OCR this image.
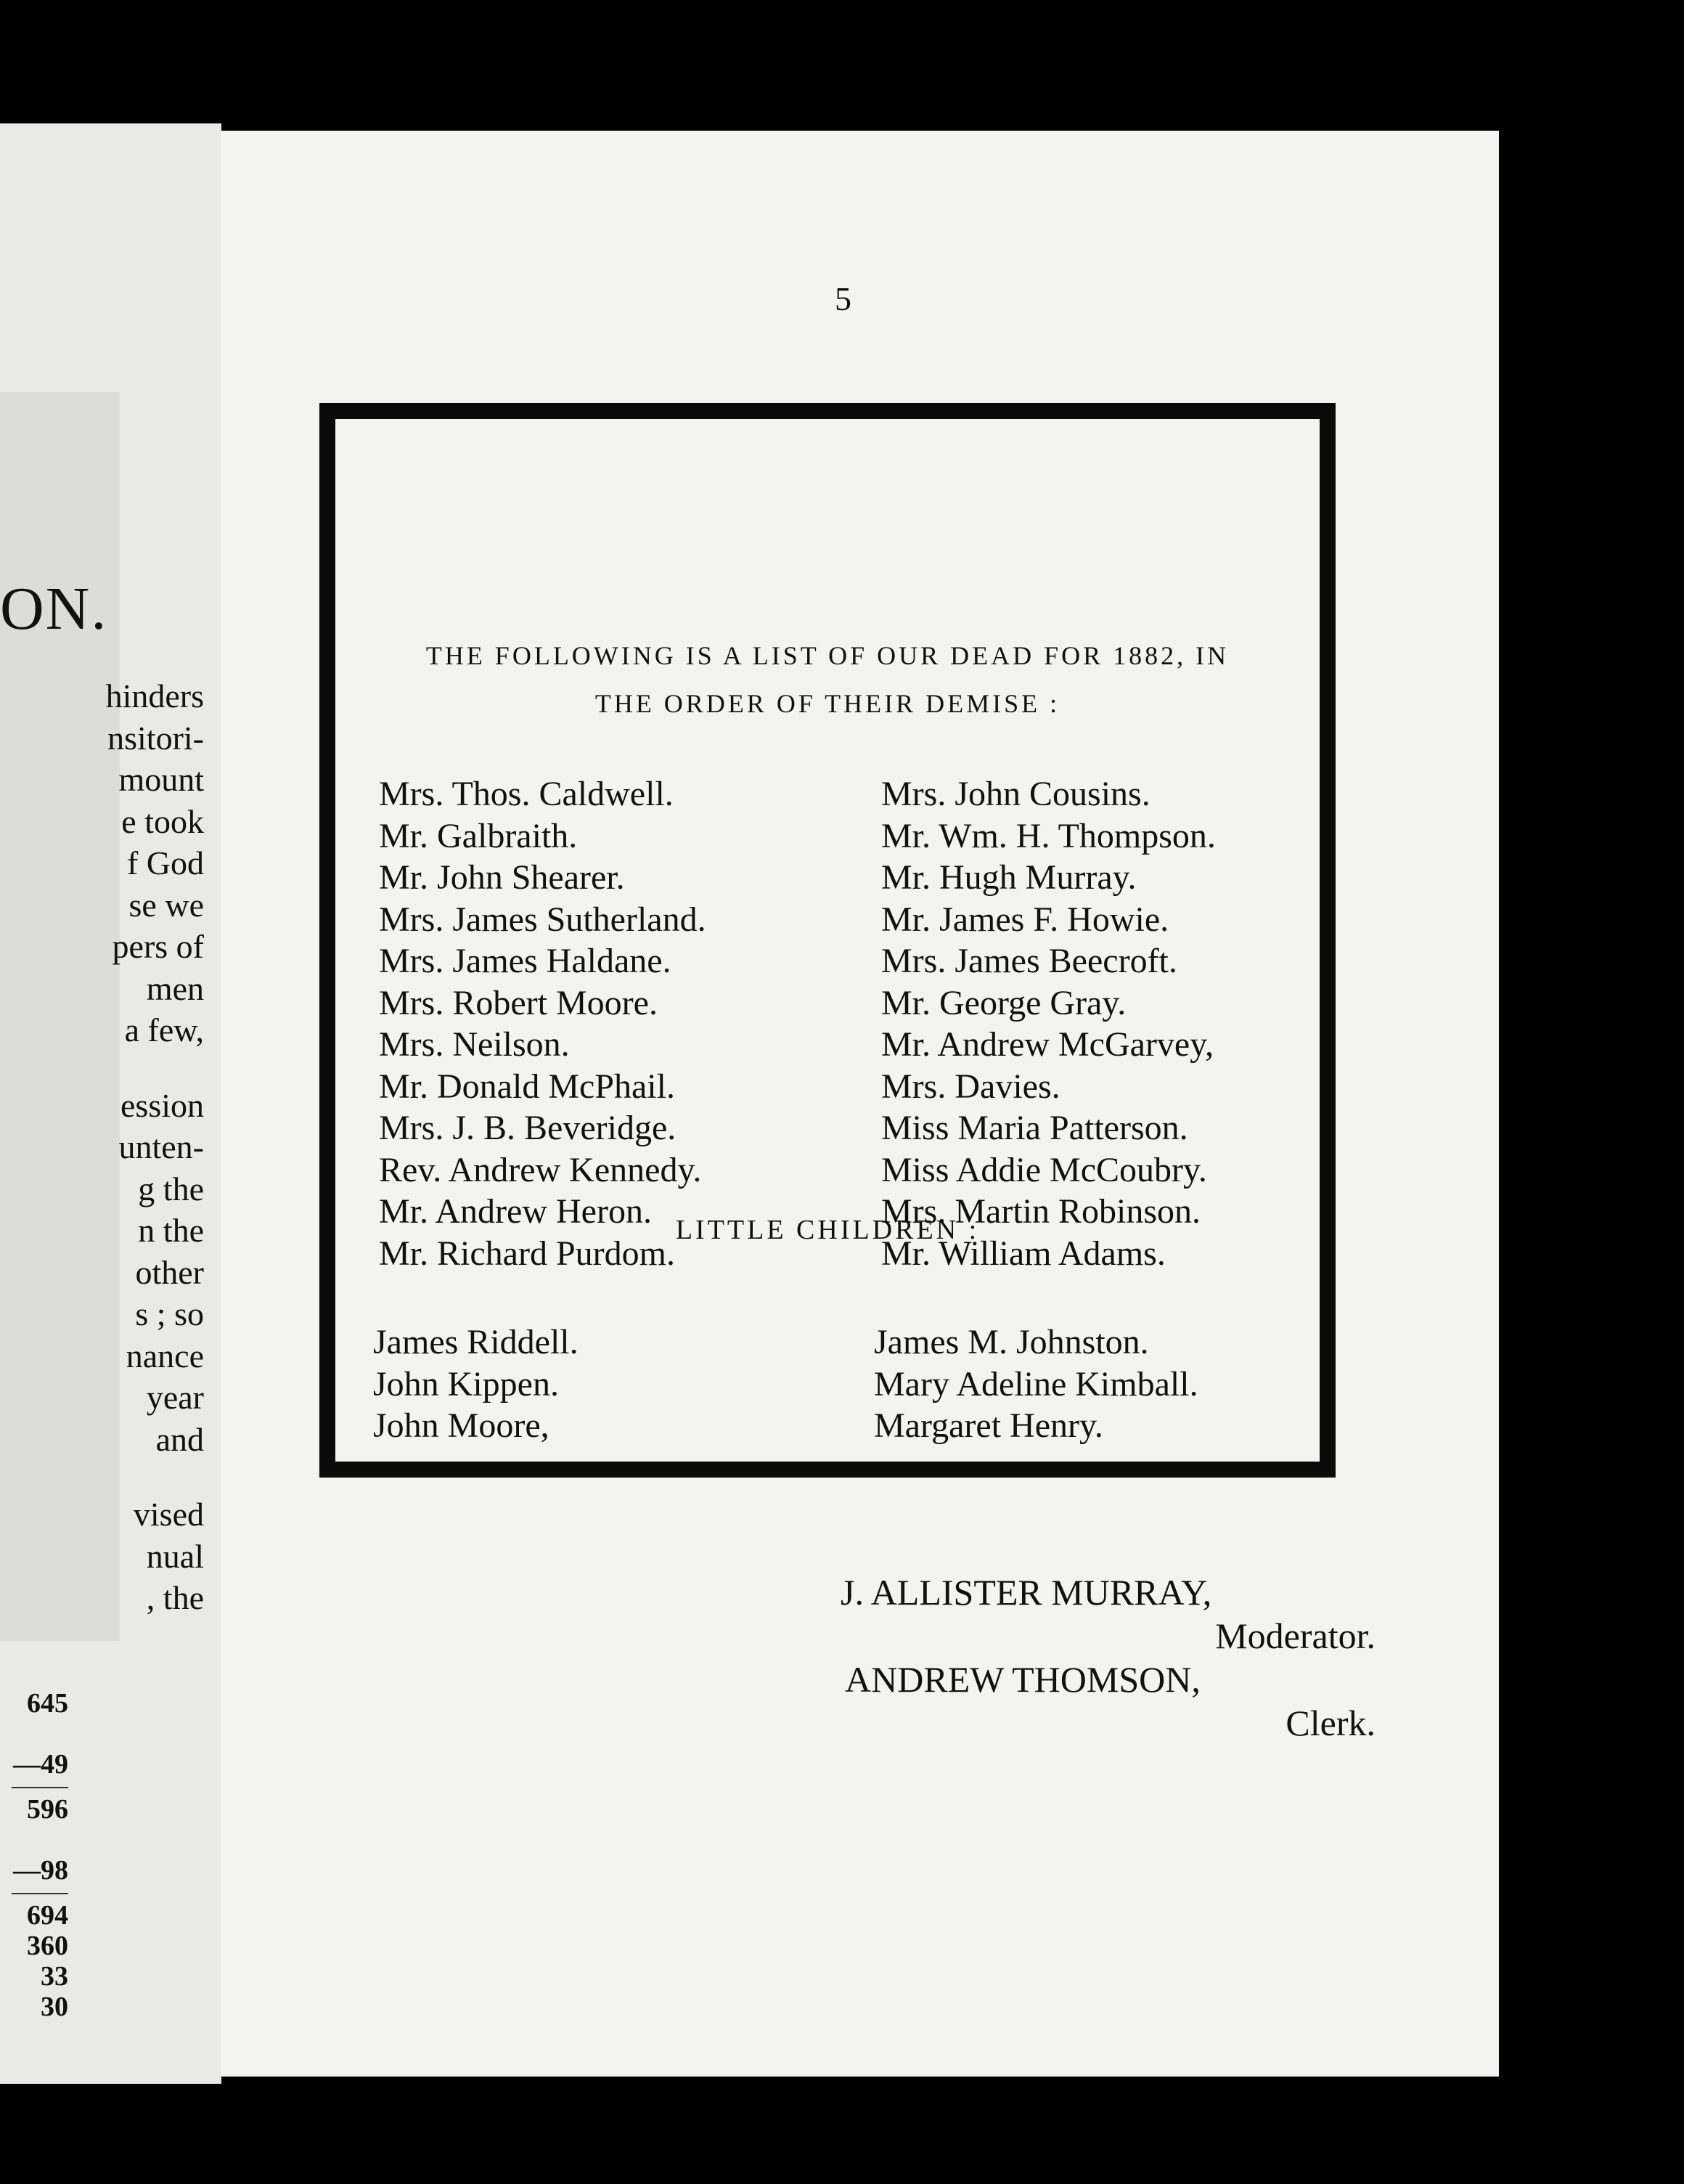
ON.
hinders
nsitori-
mount
e took
f God
se we
pers of
men
a few,
ession
unten-
g the
n the
other
s ; so
nance
year
and
vised
nual
, the
645
—49
596
—98
694
360
33
30
5
THE FOLLOWING IS A LIST OF OUR DEAD FOR 1882, IN
THE ORDER OF THEIR DEMISE :
Mrs. Thos. Caldwell.
Mr. Galbraith.
Mr. John Shearer.
Mrs. James Sutherland.
Mrs. James Haldane.
Mrs. Robert Moore.
Mrs. Neilson.
Mr. Donald McPhail.
Mrs. J. B. Beveridge.
Rev. Andrew Kennedy.
Mr. Andrew Heron.
Mr. Richard Purdom.
Mrs. John Cousins.
Mr. Wm. H. Thompson.
Mr. Hugh Murray.
Mr. James F. Howie.
Mrs. James Beecroft.
Mr. George Gray.
Mr. Andrew McGarvey,
Mrs. Davies.
Miss Maria Patterson.
Miss Addie McCoubry.
Mrs. Martin Robinson.
Mr. William Adams.
LITTLE CHILDREN :
James Riddell.
John Kippen.
John Moore,
James M. Johnston.
Mary Adeline Kimball.
Margaret Henry.
J. ALLISTER MURRAY,
Moderator.
ANDREW THOMSON,
Clerk.
